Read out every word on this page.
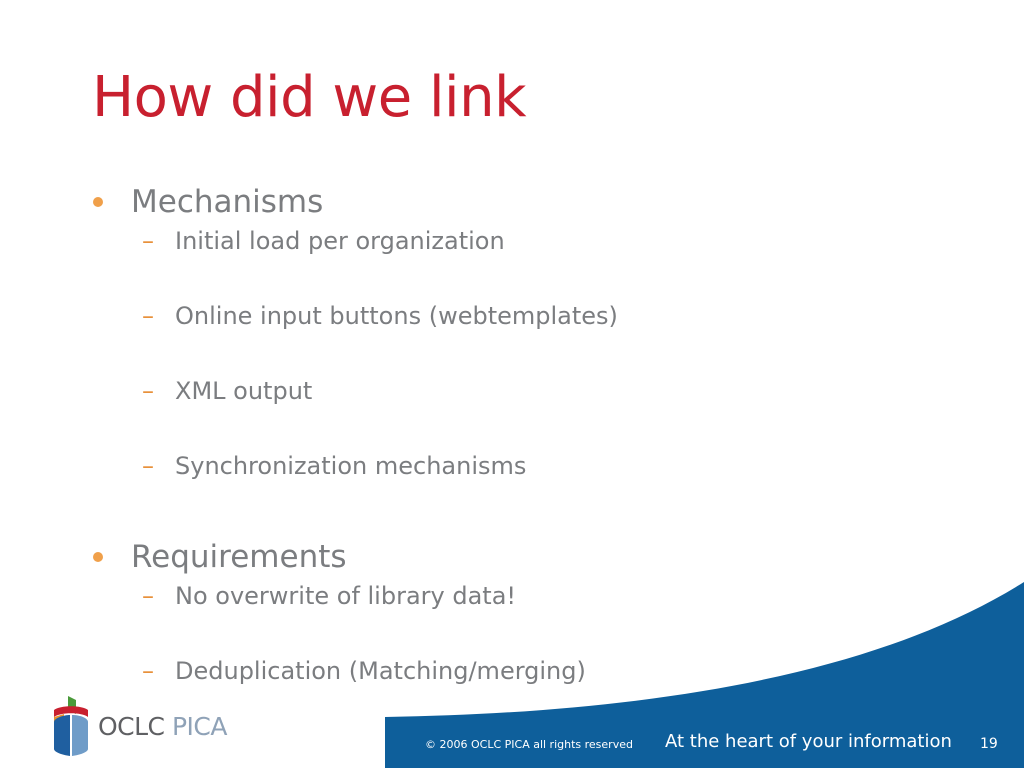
How did we link
Mechanisms
– Initial load per organization
– Online input buttons (webtemplates)
– XML output
– Synchronization mechanisms
Requirements
– No overwrite of library data!
– Deduplication (Matching/merging)
OCLC PICA
© 2006 OCLC PICA all rights reserved At the heart of your information 19
